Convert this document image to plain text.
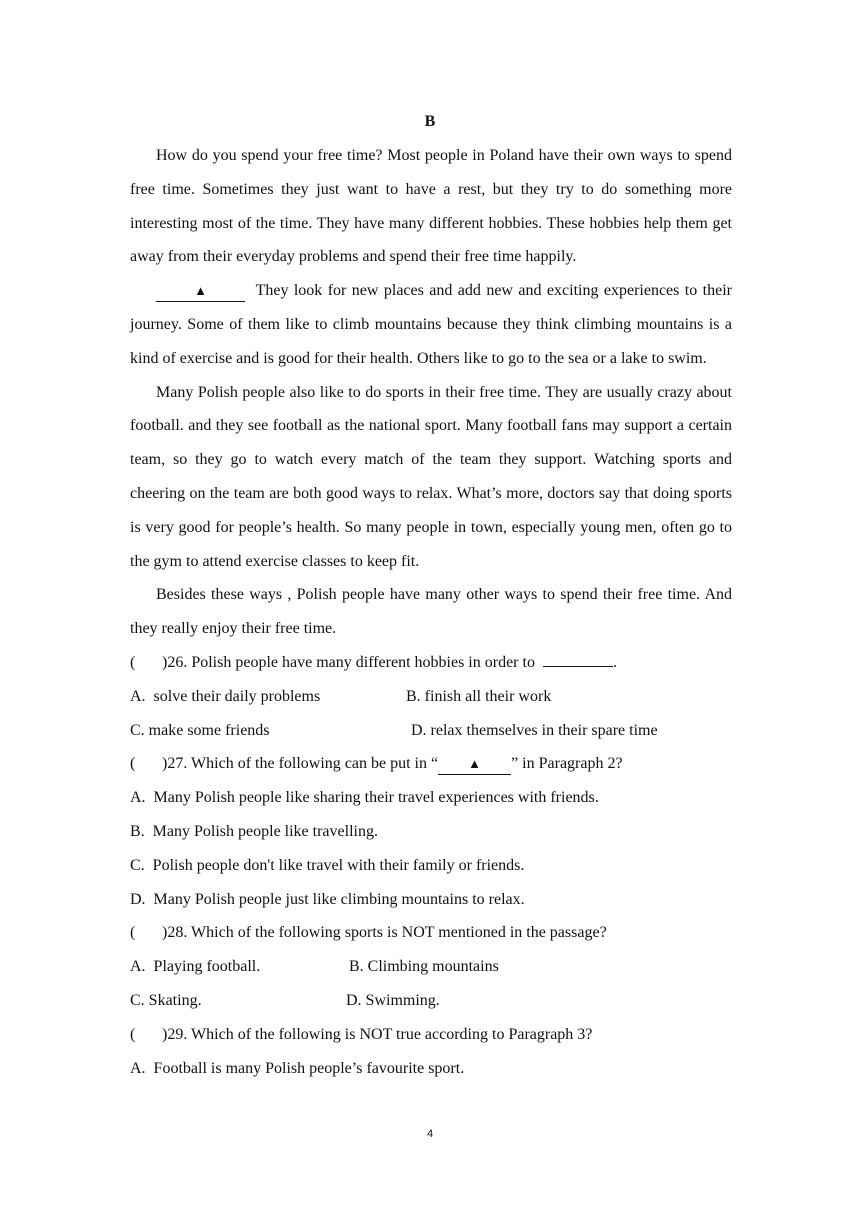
B

How do you spend your free time? Most people in Poland have their own ways to spend free time. Sometimes they just want to have a rest, but they try to do something more interesting most of the time. They have many different hobbies. These hobbies help them get away from their everyday problems and spend their free time happily.

▲	They look for new places and add new and exciting experiences to their journey. Some of them like to climb mountains because they think climbing mountains is a kind of exercise and is good for their health. Others like to go to the sea or a lake to swim.

Many Polish people also like to do sports in their free time. They are usually crazy about football. and they see football as the national sport. Many football fans may support a certain team, so they go to watch every match of the team they support. Watching sports and cheering on the team are both good ways to relax. What’s more, doctors say that doing sports is very good for people’s health. So many people in town, especially young men, often go to the gym to attend exercise classes to keep fit.

Besides these ways , Polish people have many other ways to spend their free time. And they really enjoy their free time.

( )26. Polish people have many different hobbies in order to	.
A.  solve their daily problems	B. finish all their work
C. make some friends	D. relax themselves in their spare time
( )27. Which of the following can be put in “ ▲ ” in Paragraph 2?
A.  Many Polish people like sharing their travel experiences with friends.
B.  Many Polish people like travelling.
C.  Polish people don't like travel with their family or friends.
D.  Many Polish people just like climbing mountains to relax.
( )28. Which of the following sports is NOT mentioned in the passage?
A.  Playing football.	B. Climbing mountains
C. Skating.	D. Swimming.
( )29. Which of the following is NOT true according to Paragraph 3?
A.  Football is many Polish people’s favourite sport.
4
